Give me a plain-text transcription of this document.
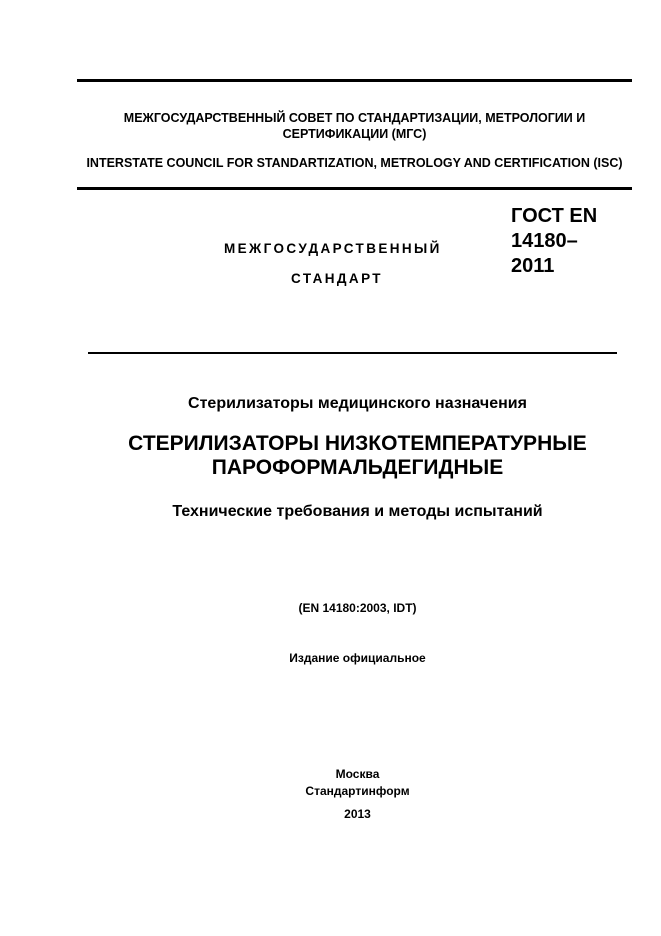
МЕЖГОСУДАРСТВЕННЫЙ СОВЕТ ПО СТАНДАРТИЗАЦИИ, МЕТРОЛОГИИ И СЕРТИФИКАЦИИ (МГС)
INTERSTATE COUNCIL FOR STANDARTIZATION, METROLOGY AND CERTIFICATION (ISC)
МЕЖГОСУДАРСТВЕННЫЙ
СТАНДАРТ
ГОСТ EN
14180–
2011
Стерилизаторы медицинского назначения
СТЕРИЛИЗАТОРЫ НИЗКОТЕМПЕРАТУРНЫЕ
ПАРОФОРМАЛЬДЕГИДНЫЕ
Технические требования и методы испытаний
(EN 14180:2003, IDT)
Издание официальное
Москва
Стандартинформ
2013
